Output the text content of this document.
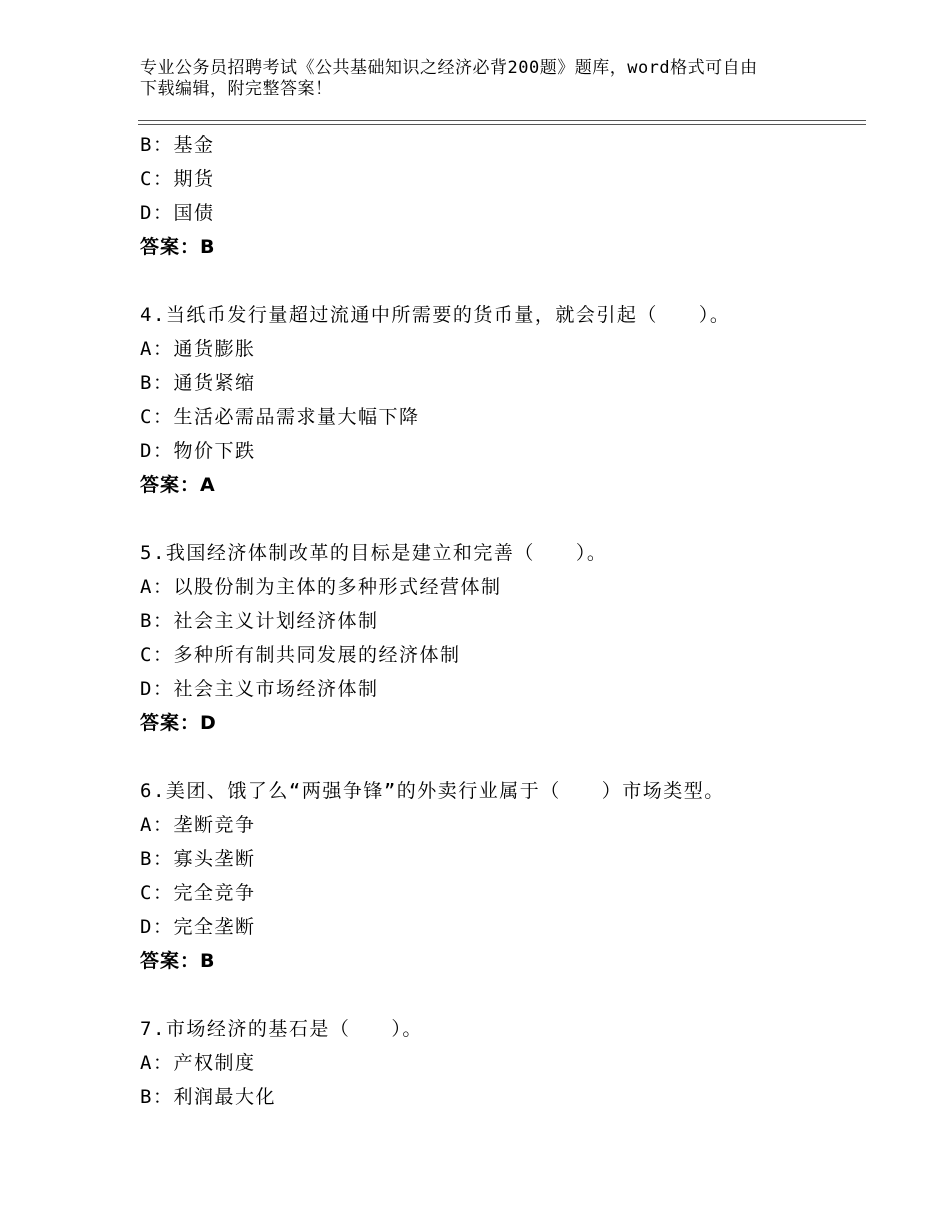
专业公务员招聘考试《公共基础知识之经济必背200题》题库，word格式可自由
下载编辑，附完整答案！
B：基金
C：期货
D：国债
答案：B
4.当纸币发行量超过流通中所需要的货币量，就会引起（　　）。
A：通货膨胀
B：通货紧缩
C：生活必需品需求量大幅下降
D：物价下跌
答案：A
5.我国经济体制改革的目标是建立和完善（　　）。
A：以股份制为主体的多种形式经营体制
B：社会主义计划经济体制
C：多种所有制共同发展的经济体制
D：社会主义市场经济体制
答案：D
6.美团、饿了么“两强争锋”的外卖行业属于（　　）市场类型。
A：垄断竞争
B：寡头垄断
C：完全竞争
D：完全垄断
答案：B
7.市场经济的基石是（　　）。
A：产权制度
B：利润最大化
